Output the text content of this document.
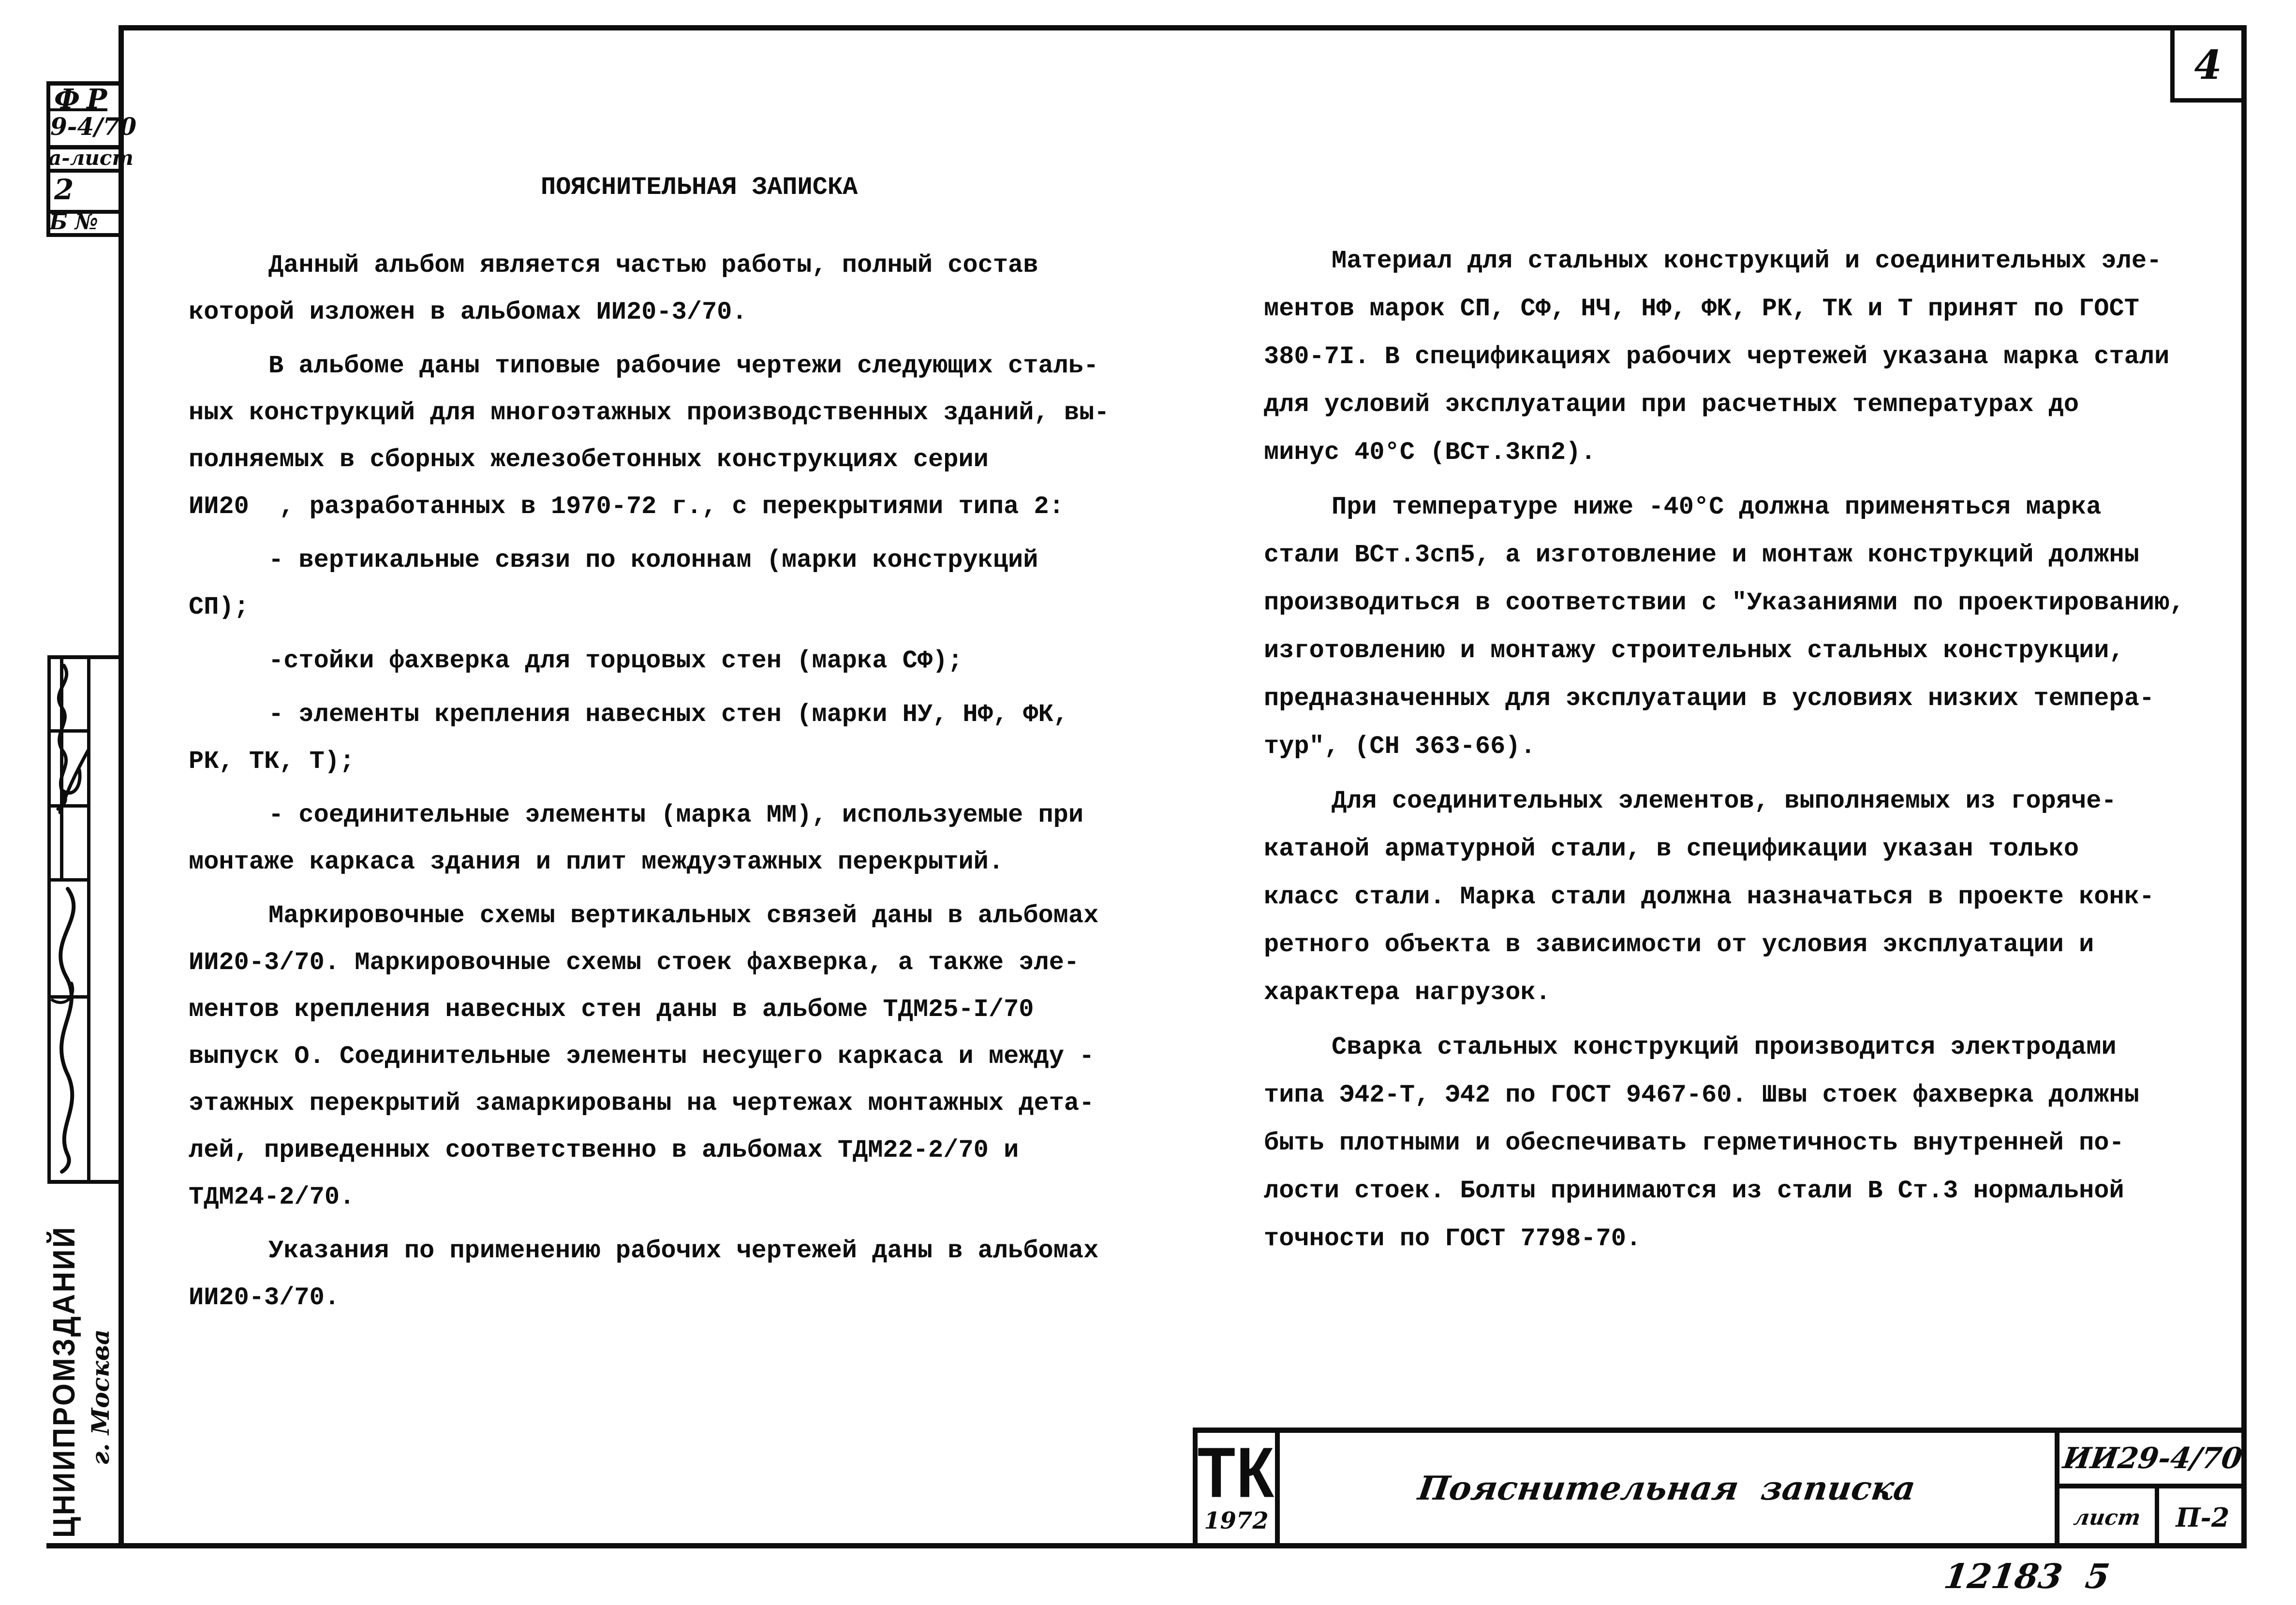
4
ФР
9-4/70
а-лист
2
Б №
ЦНИИПРОМЗДАНИЙ г. Москва
ПОЯСНИТЕЛЬНАЯ ЗАПИСКА
Данный альбом является частью работы, полный состав
которой изложен в альбомах ИИ20-3/70.
В альбоме даны типовые рабочие чертежи следующих сталь-
ных конструкций для многоэтажных производственных зданий, вы-
полняемых в сборных железобетонных конструкциях серии
ИИ20  , разработанных в 1970-72 г., с перекрытиями типа 2:
- вертикальные связи по колоннам (марки конструкций
СП);
-стойки фахверка для торцовых стен (марка СФ);
- элементы крепления навесных стен (марки НУ, НФ, ФК,
РК, ТК, Т);
- соединительные элементы (марка ММ), используемые при
монтаже каркаса здания и плит междуэтажных перекрытий.
Маркировочные схемы вертикальных связей даны в альбомах
ИИ20-3/70. Маркировочные схемы стоек фахверка, а также эле-
ментов крепления навесных стен даны в альбоме ТДМ25-I/70
выпуск О. Соединительные элементы несущего каркаса и между -
этажных перекрытий замаркированы на чертежах монтажных дета-
лей, приведенных соответственно в альбомах ТДМ22-2/70 и
ТДМ24-2/70.
Указания по применению рабочих чертежей даны в альбомах
ИИ20-3/70.
Материал для стальных конструкций и соединительных эле-
ментов марок СП, СФ, НЧ, НФ, ФК, РК, ТК и Т принят по ГОСТ
380-7I. В спецификациях рабочих чертежей указана марка стали
для условий эксплуатации при расчетных температурах до
минус 40°С (ВСт.3кп2).
При температуре ниже -40°С должна применяться марка
стали ВСт.3сп5, а изготовление и монтаж конструкций должны
производиться в соответствии с "Указаниями по проектированию,
изготовлению и монтажу строительных стальных конструкции,
предназначенных для эксплуатации в условиях низких темпера-
тур", (СН 363-66).
Для соединительных элементов, выполняемых из горяче-
катаной арматурной стали, в спецификации указан только
класс стали. Марка стали должна назначаться в проекте конк-
ретного объекта в зависимости от условия эксплуатации и
характера нагрузок.
Сварка стальных конструкций производится электродами
типа Э42-Т, Э42 по ГОСТ 9467-60. Швы стоек фахверка должны
быть плотными и обеспечивать герметичность внутренней по-
лости стоек. Болты принимаются из стали В Ст.3 нормальной
точности по ГОСТ 7798-70.
ТК
1972
Пояснительная  записка
ИИ29-4/70
лист	П-2
12183  5
